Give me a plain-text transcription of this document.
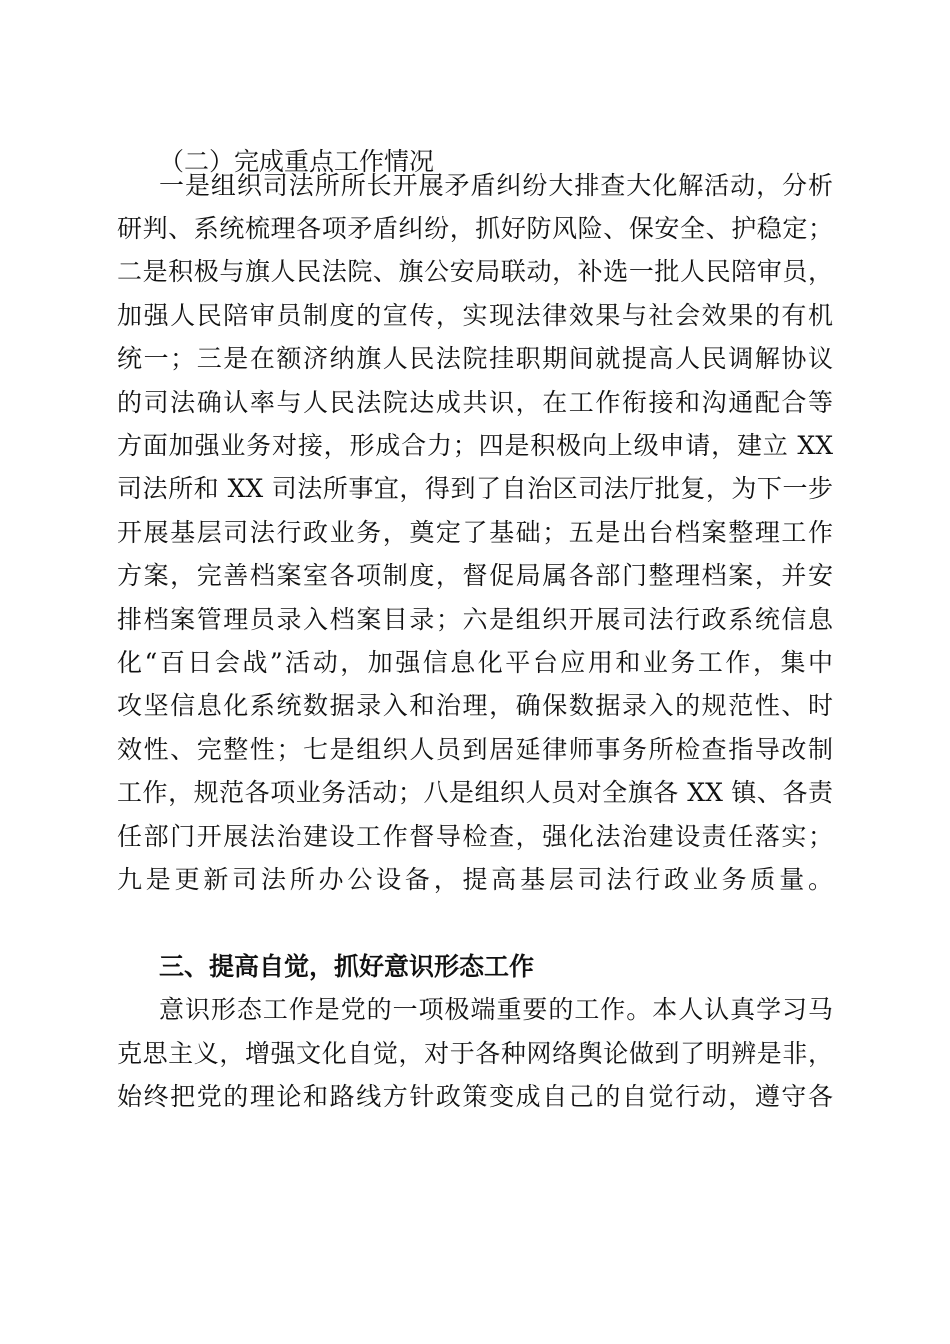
（二）完成重点工作情况
一是组织司法所所长开展矛盾纠纷大排查大化解活动，分析
研判、系统梳理各项矛盾纠纷，抓好防风险、保安全、护稳定；
二是积极与旗人民法院、旗公安局联动，补选一批人民陪审员，
加强人民陪审员制度的宣传，实现法律效果与社会效果的有机
统一；三是在额济纳旗人民法院挂职期间就提高人民调解协议
的司法确认率与人民法院达成共识，在工作衔接和沟通配合等
方面加强业务对接，形成合力；四是积极向上级申请，建立 XX
司法所和 XX 司法所事宜，得到了自治区司法厅批复，为下一步
开展基层司法行政业务，奠定了基础；五是出台档案整理工作
方案，完善档案室各项制度，督促局属各部门整理档案，并安
排档案管理员录入档案目录；六是组织开展司法行政系统信息
化“百日会战”活动，加强信息化平台应用和业务工作，集中
攻坚信息化系统数据录入和治理，确保数据录入的规范性、时
效性、完整性；七是组织人员到居延律师事务所检查指导改制
工作，规范各项业务活动；八是组织人员对全旗各 XX 镇、各责
任部门开展法治建设工作督导检查，强化法治建设责任落实；
九是更新司法所办公设备，提高基层司法行政业务质量。
三、提高自觉，抓好意识形态工作
意识形态工作是党的一项极端重要的工作。本人认真学习马
克思主义，增强文化自觉，对于各种网络舆论做到了明辨是非，
始终把党的理论和路线方针政策变成自己的自觉行动，遵守各
